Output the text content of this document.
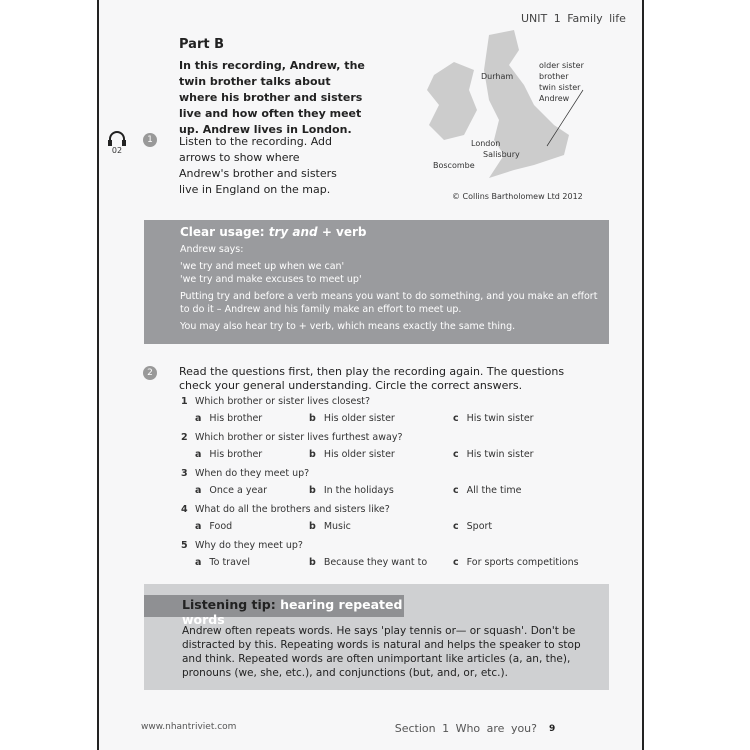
UNIT 1 Family life
Part B
In this recording, Andrew, the twin brother talks about where his brother and sisters live and how often they meet up. Andrew lives in London.
02
1	Listen to the recording. Add arrows to show where Andrew's brother and sisters live in England on the map.
Durham
London
Salisbury
Boscombe
older sister
brother
twin sister
Andrew
© Collins Bartholomew Ltd 2012
Clear usage: try and + verb

Andrew says:

'we try and meet up when we can'

'we try and make excuses to meet up'

Putting try and before a verb means you want to do something, and you make an effort to do it – Andrew and his family make an effort to meet up.

You may also hear try to + verb, which means exactly the same thing.

2	Read the questions first, then play the recording again. The questions check your general understanding. Circle the correct answers.
1 Which brother or sister lives closest?
a His brother	b His older sister	c His twin sister
2 Which brother or sister lives furthest away?
a His brother	b His older sister	c His twin sister
3 When do they meet up?
a Once a year	b In the holidays	c All the time
4 What do all the brothers and sisters like?
a Food	b Music	c Sport
5 Why do they meet up?
a To travel	b Because they want to	c For sports competitions
Listening tip: hearing repeated words
Andrew often repeats words. He says 'play tennis or— or squash'. Don't be distracted by this. Repeating words is natural and helps the speaker to stop and think. Repeated words are often unimportant like articles (a, an, the), pronouns (we, she, etc.), and conjunctions (but, and, or, etc.).
www.nhantriviet.com	Section 1 Who are you? 9
